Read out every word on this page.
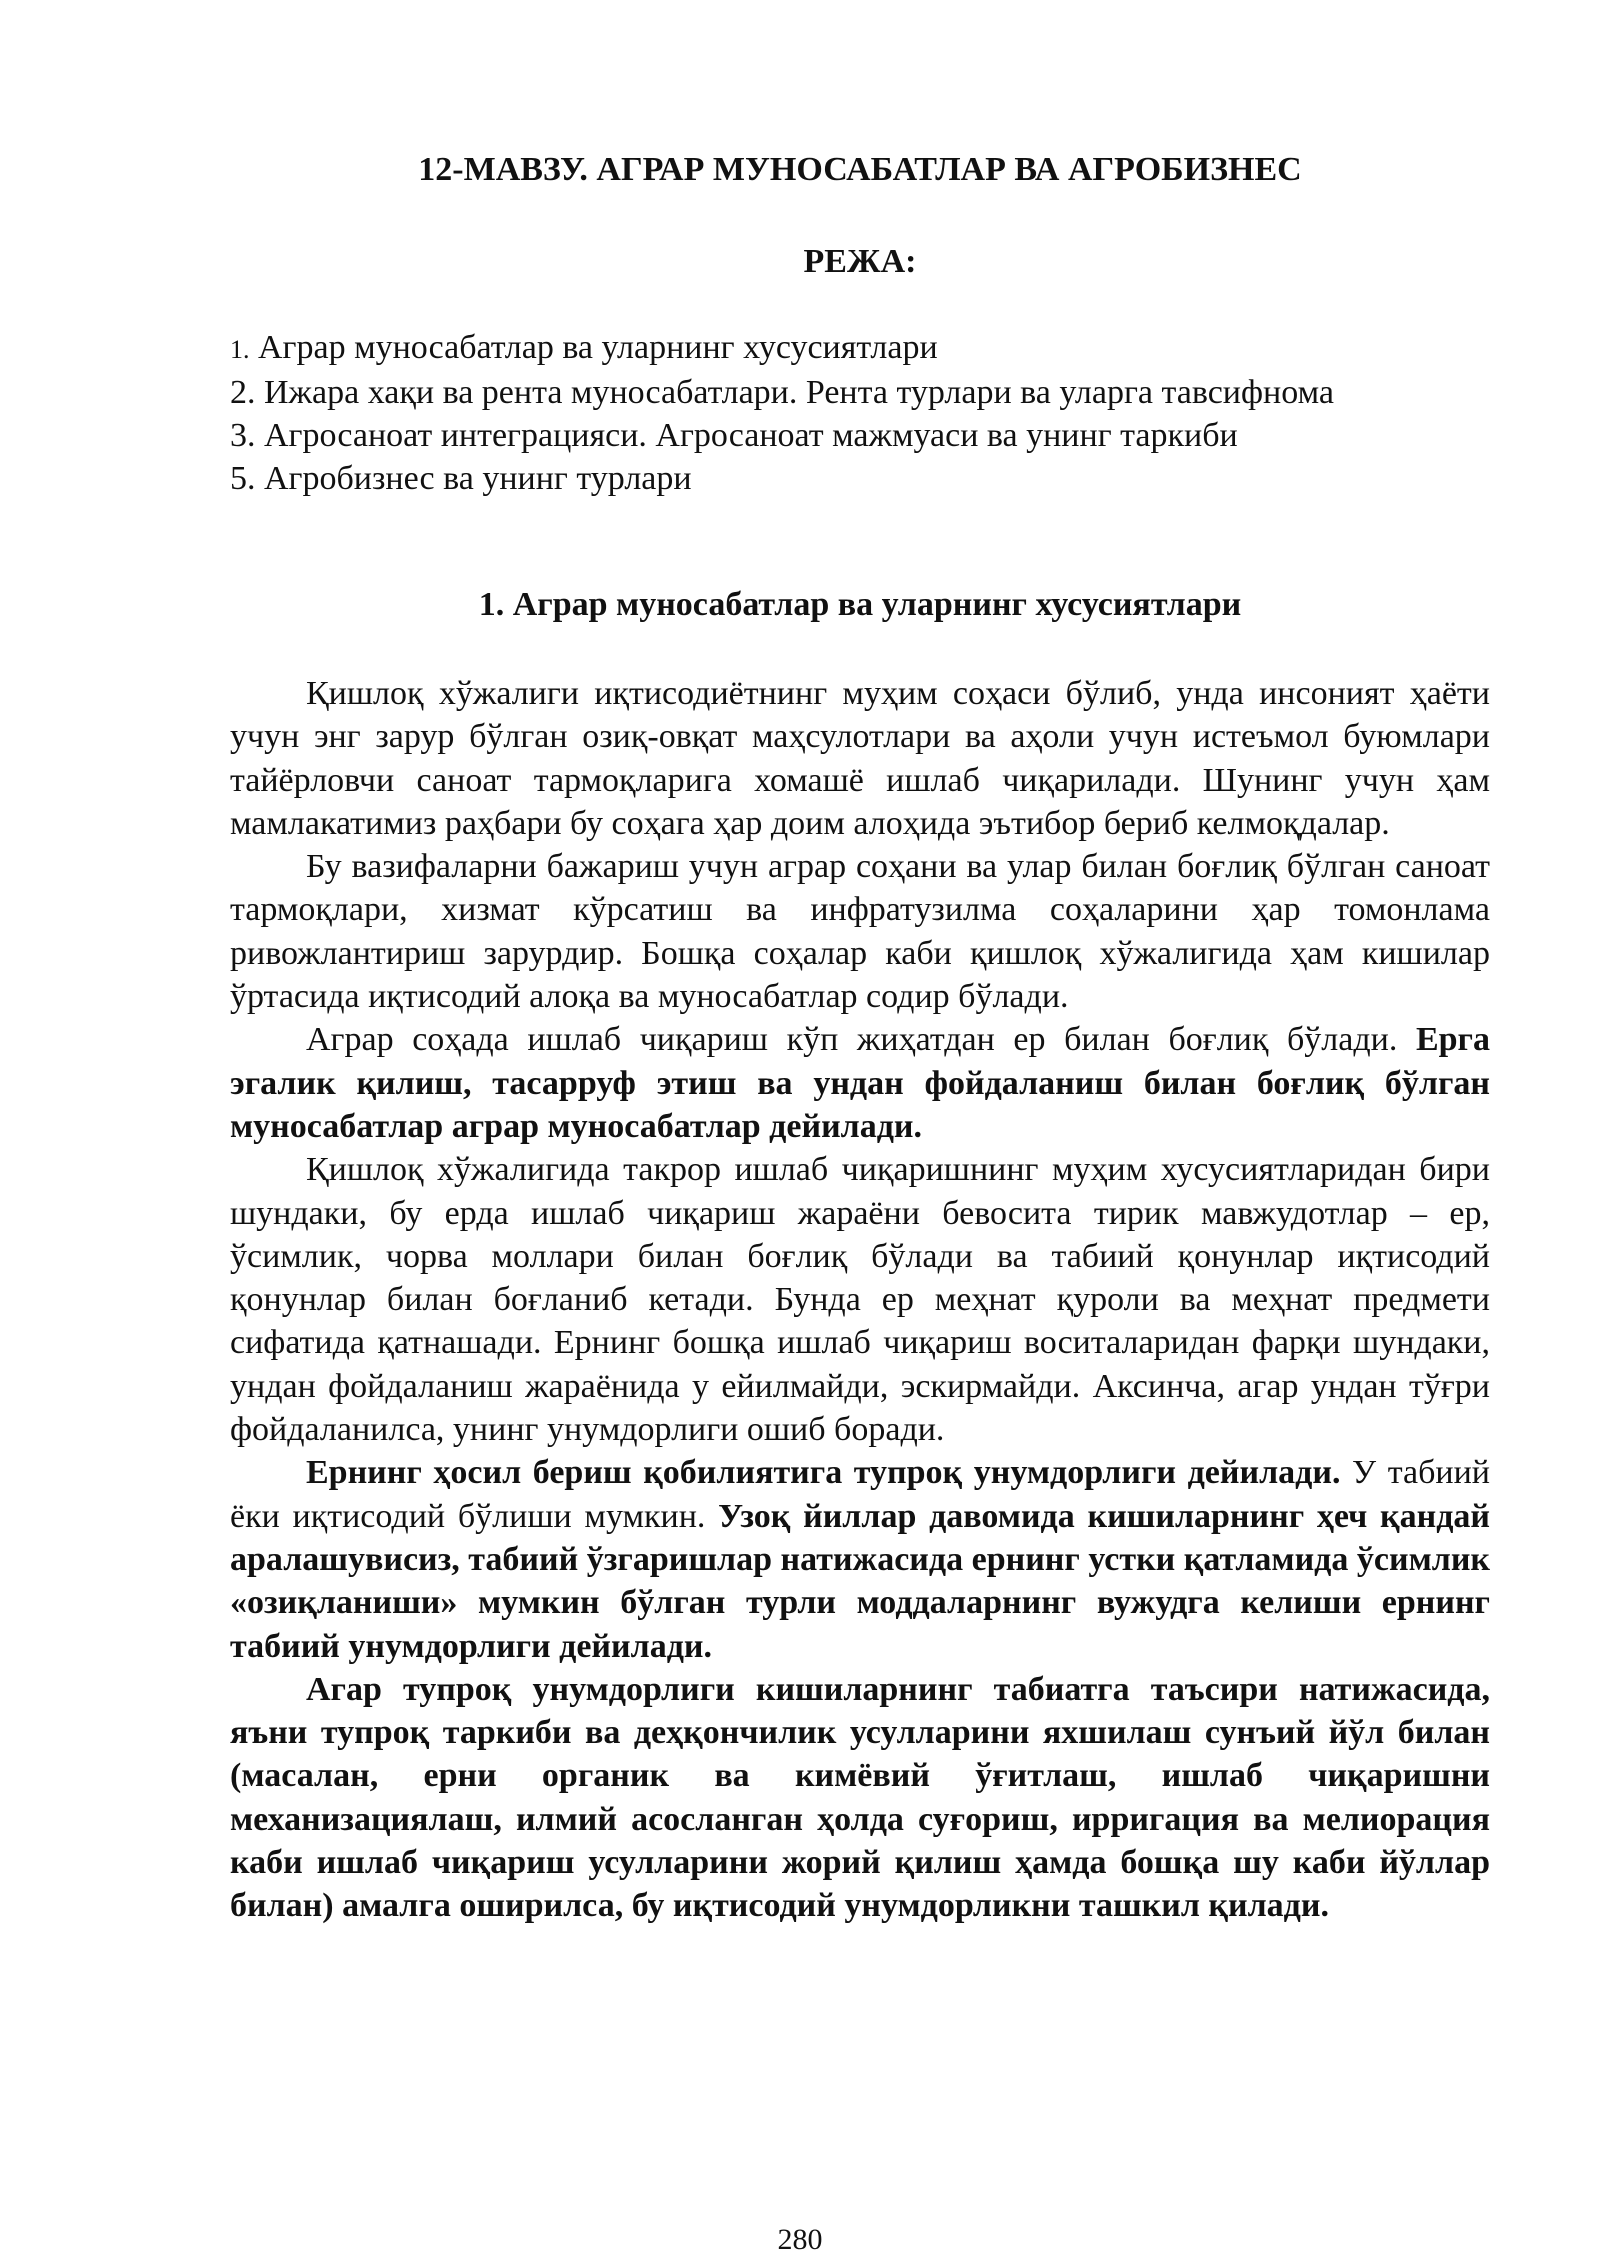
12-МАВЗУ. АГРАР МУНОСАБАТЛАР ВА АГРОБИЗНЕС
РЕЖА:
1. Аграр муносабатлар ва уларнинг хусусиятлари
2. Ижара хақи ва рента муносабатлари. Рента турлари ва уларга тавсифнома
3. Агросаноат интеграцияси. Агросаноат мажмуаси ва унинг таркиби
5. Агробизнес ва унинг турлари
1. Аграр муносабатлар ва уларнинг хусусиятлари

Қишлоқ хўжалиги иқтисодиётнинг муҳим соҳаси бўлиб, унда инсоният ҳаёти учун энг зарур бўлган озиқ-овқат маҳсулотлари ва аҳоли учун истеъмол буюмлари тайёрловчи саноат тармоқларига хомашё ишлаб чиқарилади. Шунинг учун ҳам мамлакатимиз раҳбари бу соҳага ҳар доим алоҳида эътибор бериб келмоқдалар.

Бу вазифаларни бажариш учун аграр соҳани ва улар билан боғлиқ бўлган саноат тармоқлари, хизмат кўрсатиш ва инфратузилма соҳаларини ҳар томонлама ривожлантириш зарурдир. Бошқа соҳалар каби қишлоқ хўжалигида ҳам кишилар ўртасида иқтисодий алоқа ва муносабатлар содир бўлади.

Аграр соҳада ишлаб чиқариш кўп жиҳатдан ер билан боғлиқ бўлади. Ерга эгалик қилиш, тасарруф этиш ва ундан фойдаланиш билан боғлиқ бўлган муносабатлар аграр муносабатлар дейилади.

Қишлоқ хўжалигида такрор ишлаб чиқаришнинг муҳим хусусиятларидан бири шундаки, бу ерда ишлаб чиқариш жараёни бевосита тирик мавжудотлар – ер, ўсимлик, чорва моллари билан боғлиқ бўлади ва табиий қонунлар иқтисодий қонунлар билан боғланиб кетади. Бунда ер меҳнат қуроли ва меҳнат предмети сифатида қатнашади. Ернинг бошқа ишлаб чиқариш воситаларидан фарқи шундаки, ундан фойдаланиш жараёнида у ейилмайди, эскирмайди. Аксинча, агар ундан тўғри фойдаланилса, унинг унумдорлиги ошиб боради.

Ернинг ҳосил бериш қобилиятига тупроқ унумдорлиги дейилади. У табиий ёки иқтисодий бўлиши мумкин. Узоқ йиллар давомида кишиларнинг ҳеч қандай аралашувисиз, табиий ўзгаришлар натижасида ернинг устки қатламида ўсимлик «озиқланиши» мумкин бўлган турли моддаларнинг вужудга келиши ернинг табиий унумдорлиги дейилади.

Агар тупроқ унумдорлиги кишиларнинг табиатга таъсири натижасида, яъни тупроқ таркиби ва деҳқончилик усулларини яхшилаш сунъий йўл билан (масалан, ерни органик ва кимёвий ўғитлаш, ишлаб чиқаришни механизациялаш, илмий асосланган ҳолда суғориш, ирригация ва мелиорация каби ишлаб чиқариш усулларини жорий қилиш ҳамда бошқа шу каби йўллар билан) амалга оширилса, бу иқтисодий унумдорликни ташкил қилади.

280
